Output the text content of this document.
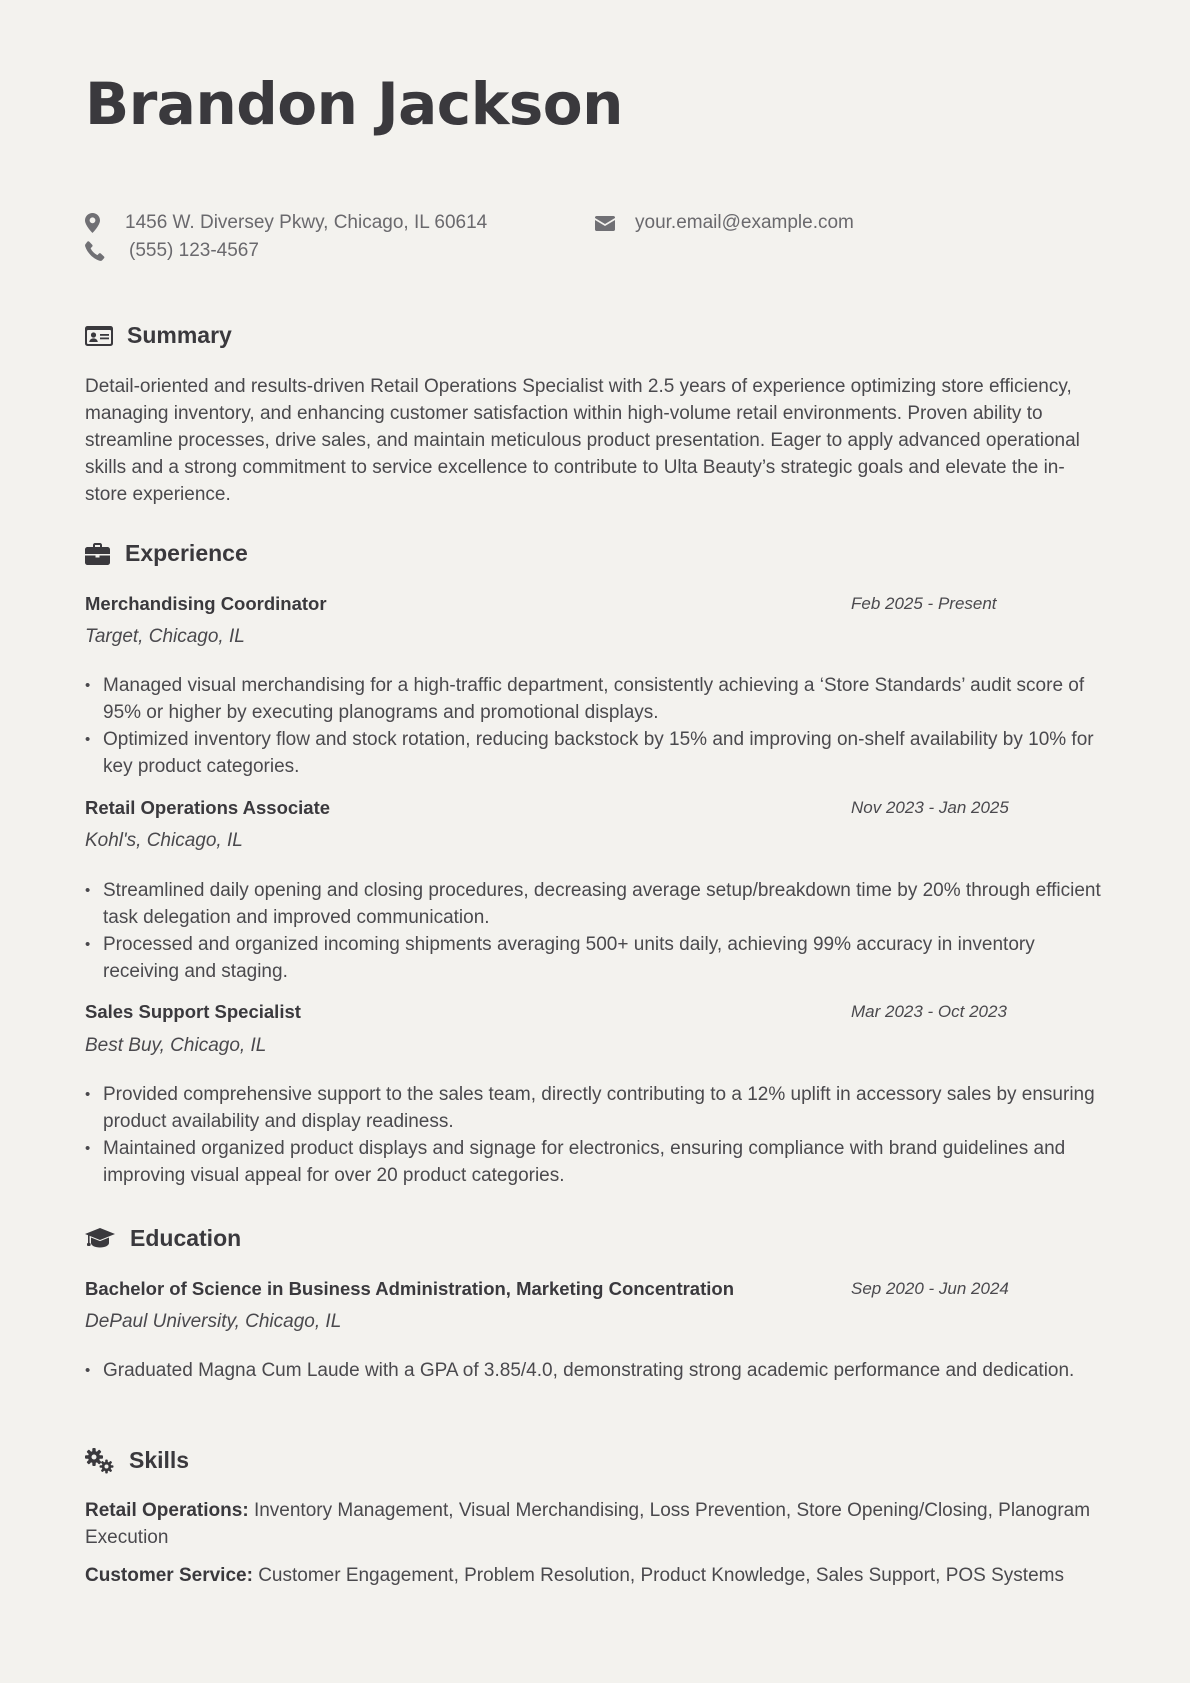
Brandon Jackson
1456 W. Diversey Pkwy, Chicago, IL 60614	your.email@example.com
(555) 123-4567
Summary

Detail-oriented and results-driven Retail Operations Specialist with 2.5 years of experience optimizing store efficiency, managing inventory, and enhancing customer satisfaction within high-volume retail environments. Proven ability to streamline processes, drive sales, and maintain meticulous product presentation. Eager to apply advanced operational skills and a strong commitment to service excellence to contribute to Ulta Beauty’s strategic goals and elevate the in-store experience.

Experience
Merchandising Coordinator	Feb 2025 - Present
Target, Chicago, IL
• Managed visual merchandising for a high-traffic department, consistently achieving a ‘Store Standards’ audit score of 95% or higher by executing planograms and promotional displays.
• Optimized inventory flow and stock rotation, reducing backstock by 15% and improving on-shelf availability by 10% for key product categories.
Retail Operations Associate	Nov 2023 - Jan 2025
Kohl's, Chicago, IL
• Streamlined daily opening and closing procedures, decreasing average setup/breakdown time by 20% through efficient task delegation and improved communication.
• Processed and organized incoming shipments averaging 500+ units daily, achieving 99% accuracy in inventory receiving and staging.
Sales Support Specialist	Mar 2023 - Oct 2023
Best Buy, Chicago, IL
• Provided comprehensive support to the sales team, directly contributing to a 12% uplift in accessory sales by ensuring product availability and display readiness.
• Maintained organized product displays and signage for electronics, ensuring compliance with brand guidelines and improving visual appeal for over 20 product categories.
Education
Bachelor of Science in Business Administration, Marketing Concentration	Sep 2020 - Jun 2024
DePaul University, Chicago, IL
• Graduated Magna Cum Laude with a GPA of 3.85/4.0, demonstrating strong academic performance and dedication.
Skills

Retail Operations: Inventory Management, Visual Merchandising, Loss Prevention, Store Opening/Closing, Planogram Execution

Customer Service: Customer Engagement, Problem Resolution, Product Knowledge, Sales Support, POS Systems
